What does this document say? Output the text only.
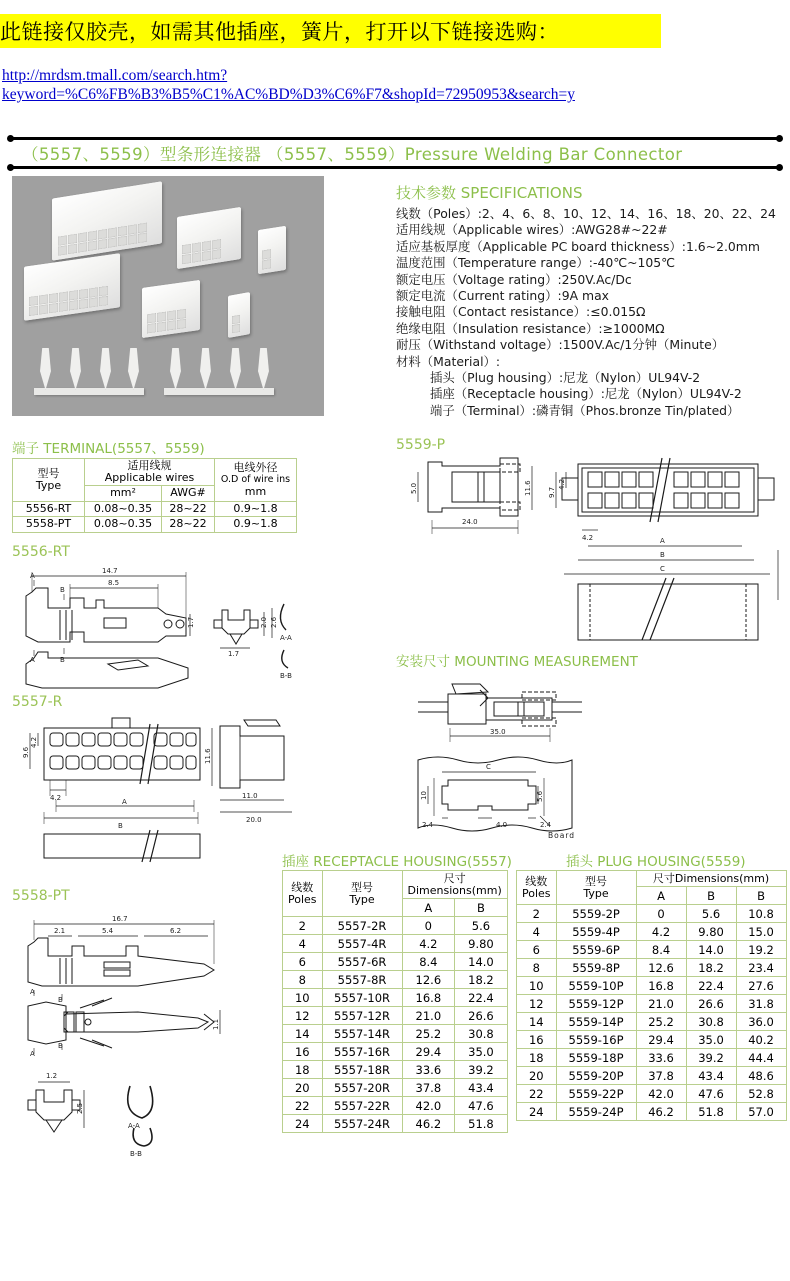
此链接仅胶壳，如需其他插座，簧片，打开以下链接选购：
http://mrdsm.tmall.com/search.htm?
keyword=%C6%FB%B3%B5%C1%AC%BD%D3%C6%F7&shopId=72950953&search=y
（5557、5559）型条形连接器 （5557、5559）Pressure Welding Bar Connector
技术参数 SPECIFICATIONS
线数（Poles）:2、4、6、8、10、12、14、16、18、20、22、24
适用线规（Applicable wires）:AWG28#~22#
适应基板厚度（Applicable PC board thickness）:1.6~2.0mm
温度范围（Temperature range）:-40℃~105℃
额定电压（Voltage rating）:250V.Ac/Dc
额定电流（Current rating）:9A max
接触电阻（Contact resistance）:≤0.015Ω
绝缘电阻（Insulation resistance）:≥1000MΩ
耐压（Withstand voltage）:1500V.Ac/1分钟（Minute）
材料（Material）:
插头（Plug housing）:尼龙（Nylon）UL94V-2
插座（Receptacle housing）:尼龙（Nylon）UL94V-2
端子（Terminal）:磷青铜（Phos.bronze Tin/plated）
端子 TERMINAL(5557、5559)
型号
Type	适用线规
Applicable wires		电线外径
O.D of wire ins
mm

	mm²	AWG#	
5556-RT	0.08~0.35	28~22	0.9~1.8
5558-PT	0.08~0.35	28~22	0.9~1.8
5556-RT
14.7
8.5
1.7	2.0 2.6
1.7
A
B
A	B
A-A
B-B
5557-R
9.6
4.2
4.2	A
B
11.6
11.0
20.0
5558-PT
16.7
2.1	5.4	6.2
1.2
2.5
1.1
A
B
A
B
A-A
B-B
5559-P
5.0	11.6
24.0
9.7
4.2
4.2	A
B
C
安装尺寸 MOUNTING MEASUREMENT
35.0
C
10	5.6
2.4	4.0	2.4
Board
插座 RECEPTACLE HOUSING(5557)
线数
Poles	型号
Type	尺寸Dimensions(mm)	

		A	B
2	5557-2R	0	5.6
4	5557-4R	4.2	9.80
6	5557-6R	8.4	14.0
8	5557-8R	12.6	18.2
10	5557-10R	16.8	22.4
12	5557-12R	21.0	26.6
14	5557-14R	25.2	30.8
16	5557-16R	29.4	35.0
18	5557-18R	33.6	39.2
20	5557-20R	37.8	43.4
22	5557-22R	42.0	47.6
24	5557-24R	46.2	51.8
插头 PLUG HOUSING(5559)
线数
Poles	型号
Type	尺寸Dimensions(mm)		

		A	B	B
2	5559-2P	0	5.6	10.8
4	5559-4P	4.2	9.80	15.0
6	5559-6P	8.4	14.0	19.2
8	5559-8P	12.6	18.2	23.4
10	5559-10P	16.8	22.4	27.6
12	5559-12P	21.0	26.6	31.8
14	5559-14P	25.2	30.8	36.0
16	5559-16P	29.4	35.0	40.2
18	5559-18P	33.6	39.2	44.4
20	5559-20P	37.8	43.4	48.6
22	5559-22P	42.0	47.6	52.8
24	5559-24P	46.2	51.8	57.0
